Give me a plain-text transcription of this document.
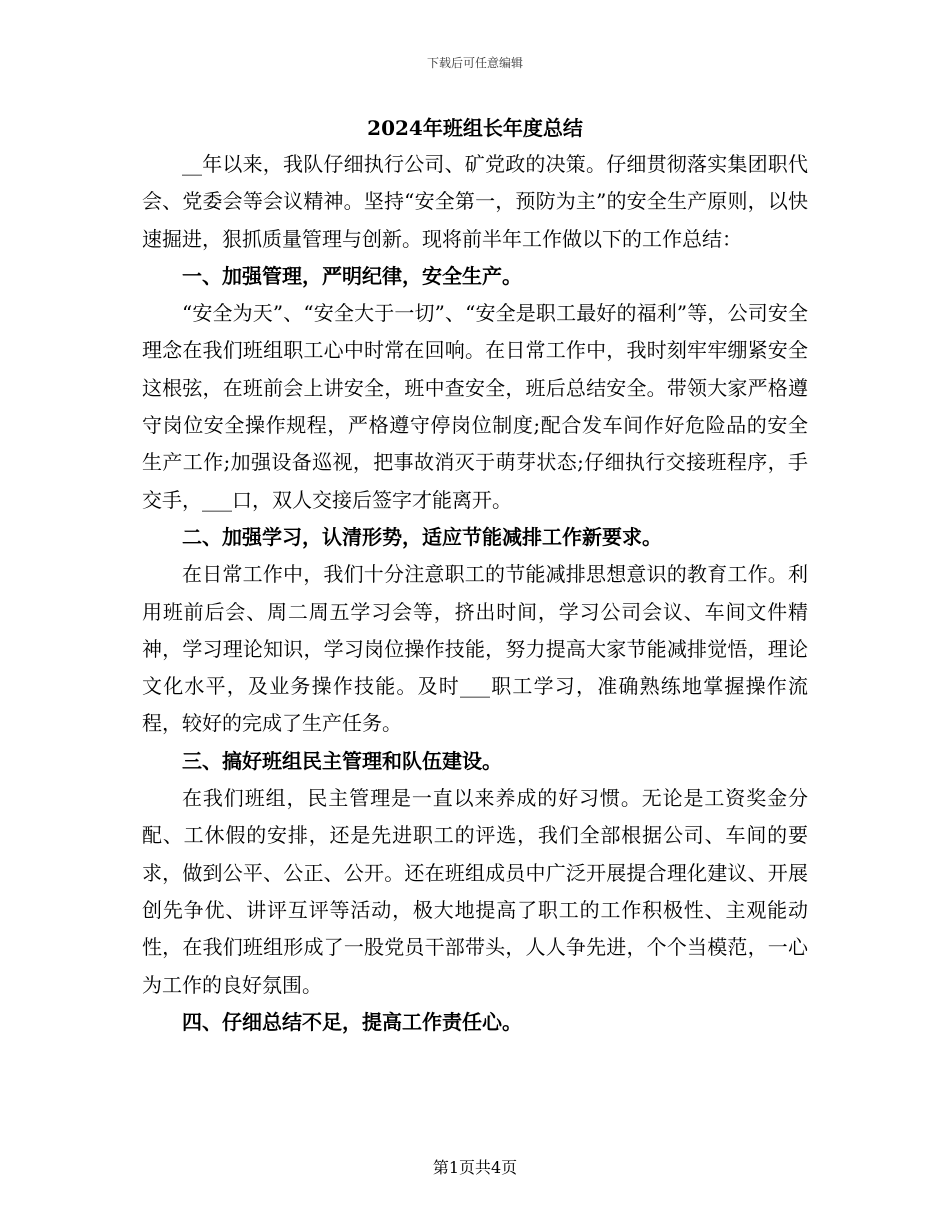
下载后可任意编辑
2024年班组长年度总结

__年以来，我队仔细执行公司、矿党政的决策。仔细贯彻落实集团职代会、党委会等会议精神。坚持“安全第一，预防为主”的安全生产原则，以快速掘进，狠抓质量管理与创新。现将前半年工作做以下的工作总结：

一、加强管理，严明纪律，安全生产。

“安全为天”、“安全大于一切”、“安全是职工最好的福利”等，公司安全理念在我们班组职工心中时常在回响。在日常工作中，我时刻牢牢绷紧安全这根弦，在班前会上讲安全，班中查安全，班后总结安全。带领大家严格遵守岗位安全操作规程，严格遵守停岗位制度;配合发车间作好危险品的安全生产工作;加强设备巡视，把事故消灭于萌芽状态;仔细执行交接班程序，手交手，___口，双人交接后签字才能离开。

二、加强学习，认清形势，适应节能减排工作新要求。

在日常工作中，我们十分注意职工的节能减排思想意识的教育工作。利用班前后会、周二周五学习会等，挤出时间，学习公司会议、车间文件精神，学习理论知识，学习岗位操作技能，努力提高大家节能减排觉悟，理论文化水平，及业务操作技能。及时___职工学习，准确熟练地掌握操作流程，较好的完成了生产任务。

三、搞好班组民主管理和队伍建设。

在我们班组，民主管理是一直以来养成的好习惯。无论是工资奖金分配、工休假的安排，还是先进职工的评选，我们全部根据公司、车间的要求，做到公平、公正、公开。还在班组成员中广泛开展提合理化建议、开展创先争优、讲评互评等活动，极大地提高了职工的工作积极性、主观能动性，在我们班组形成了一股党员干部带头，人人争先进，个个当模范，一心为工作的良好氛围。

四、仔细总结不足，提高工作责任心。

第1页共4页
